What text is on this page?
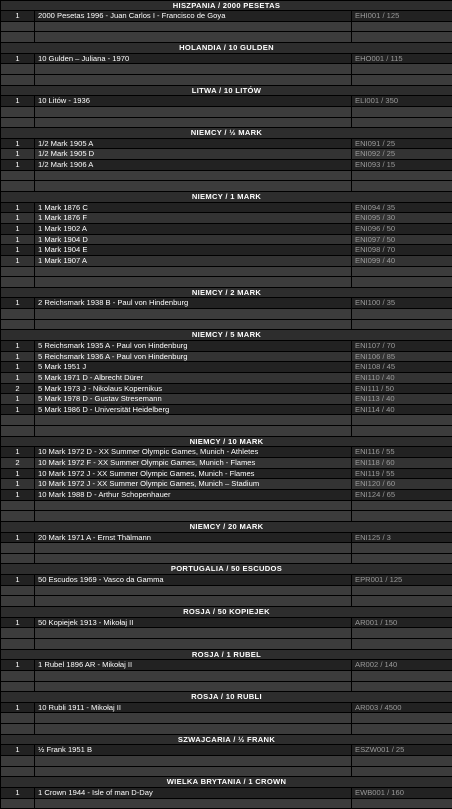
HISZPANIA / 2000 PESETAS
1	2000 Pesetas 1996 - Juan Carlos I - Francisco de Goya	EHI001 / 125
HOLANDIA / 10 GULDEN
1	10 Gulden – Juliana - 1970	EHO001 / 115
LITWA / 10 LITÓW
1	10 Litów - 1936	ELI001 / 350
NIEMCY / ½ MARK
1	1/2 Mark 1905 A	ENI091 / 25
1	1/2 Mark 1905 D	ENI092 / 25
1	1/2 Mark 1906 A	ENI093 / 15
NIEMCY / 1 MARK
1	1 Mark 1876 C	ENI094 / 35
1	1 Mark 1876 F	ENI095 / 30
1	1 Mark 1902 A	ENI096 / 50
1	1 Mark 1904 D	ENI097 / 50
1	1 Mark 1904 E	ENI098 / 70
1	1 Mark 1907 A	ENI099 / 40
NIEMCY / 2 MARK
1	2 Reichsmark 1938 B - Paul von Hindenburg	ENI100 / 35
NIEMCY / 5 MARK
1	5 Reichsmark 1935 A - Paul von Hindenburg	ENI107 / 70
1	5 Reichsmark 1936 A - Paul von Hindenburg	ENI106 / 85
1	5 Mark 1951 J	ENI108 / 45
1	5 Mark 1971 D - Albrecht Dürer	ENI110 / 40
2	5 Mark 1973 J - Nikolaus Kopernikus	ENI111 / 50
1	5 Mark 1978 D - Gustav Stresemann	ENI113 / 40
1	5 Mark 1986 D - Universität Heidelberg	ENI114 / 40
NIEMCY / 10 MARK
1	10 Mark 1972 D - XX Summer Olympic Games, Munich - Athletes	ENI116 / 55
2	10 Mark 1972 F - XX Summer Olympic Games, Munich - Flames	ENI118 / 60
1	10 Mark 1972 J - XX Summer Olympic Games, Munich - Flames	ENI119 / 55
1	10 Mark 1972 J - XX Summer Olympic Games, Munich – Stadium	ENI120 / 60
1	10 Mark 1988 D - Arthur Schopenhauer	ENI124 / 65
NIEMCY / 20 MARK
1	20 Mark 1971 A - Ernst Thälmann	ENI125 / 3
PORTUGALIA / 50 ESCUDOS
1	50 Escudos 1969 - Vasco da Gamma	EPR001 / 125
ROSJA / 50 KOPIEJEK
1	50 Kopiejek 1913 - Mikołaj II	AR001 / 150
ROSJA / 1 RUBEL
1	1 Rubel 1896 AR - Mikołaj II	AR002 / 140
ROSJA / 10 RUBLI
1	10 Rubli 1911 - Mikołaj II	AR003 / 4500
SZWAJCARIA / ½ FRANK
1	½ Frank 1951 B	ESZW001 / 25
WIELKA BRYTANIA / 1 CROWN
1	1 Crown 1944 - Isle of man D-Day	EWB001 / 160
